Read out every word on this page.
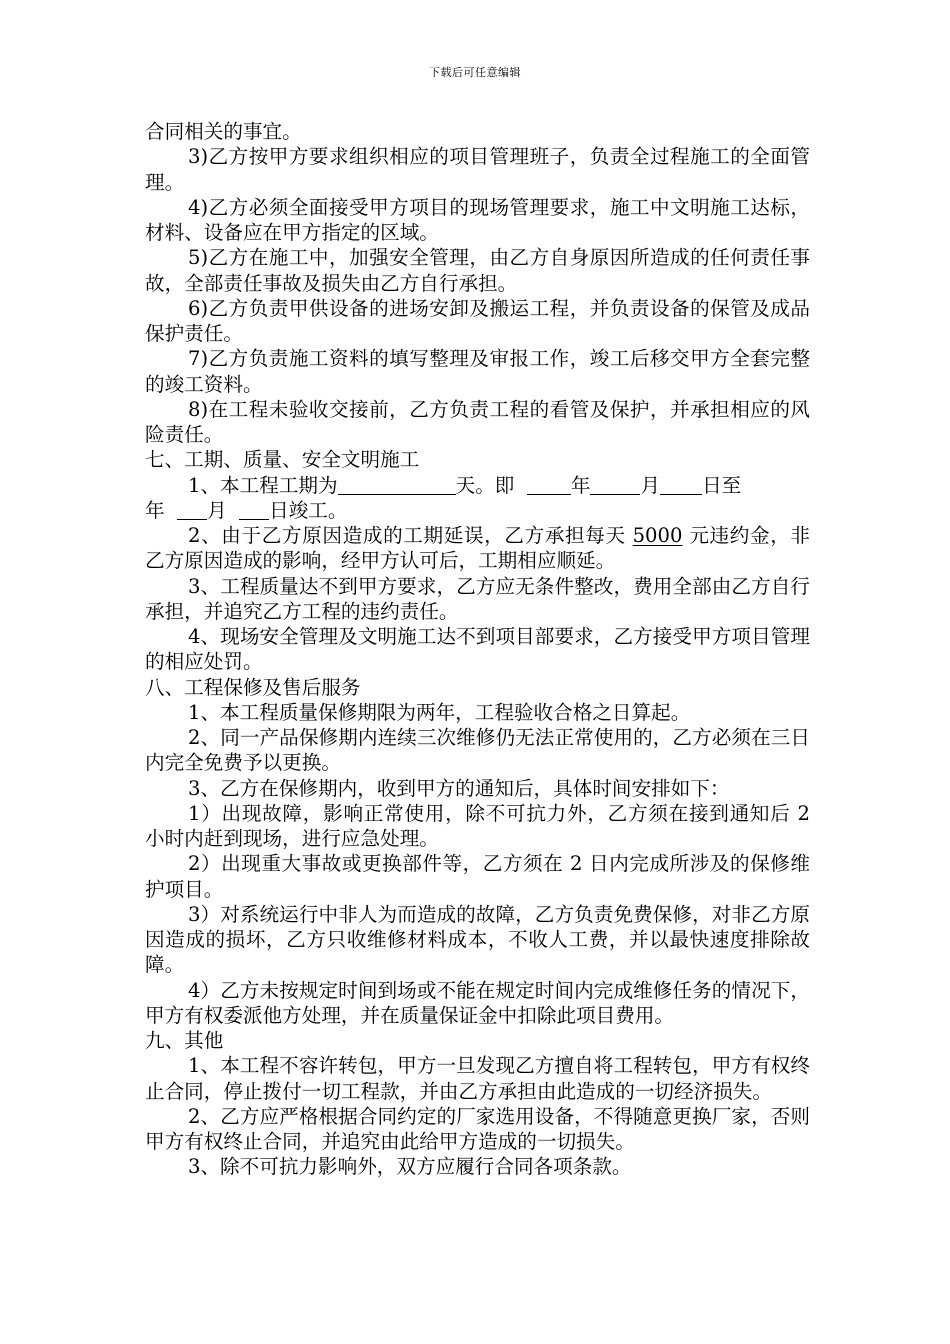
下载后可任意编辑

合同相关的事宜。

3)乙方按甲方要求组织相应的项目管理班子，负责全过程施工的全面管理。

4)乙方必须全面接受甲方项目的现场管理要求，施工中文明施工达标，材料、设备应在甲方指定的区域。

5)乙方在施工中，加强安全管理，由乙方自身原因所造成的任何责任事故，全部责任事故及损失由乙方自行承担。

6)乙方负责甲供设备的进场安卸及搬运工程，并负责设备的保管及成品保护责任。

7)乙方负责施工资料的填写整理及审报工作，竣工后移交甲方全套完整的竣工资料。

8)在工程未验收交接前，乙方负责工程的看管及保护，并承担相应的风险责任。

七、工期、质量、安全文明施工

1、本工程工期为	天。即	年	月 日至
年 月 日竣工。

2、由于乙方原因造成的工期延误，乙方承担每天 5000 元违约金，非乙方原因造成的影响，经甲方认可后，工期相应顺延。

3、工程质量达不到甲方要求，乙方应无条件整改，费用全部由乙方自行承担，并追究乙方工程的违约责任。

4、现场安全管理及文明施工达不到项目部要求，乙方接受甲方项目管理的相应处罚。

八、工程保修及售后服务

1、本工程质量保修期限为两年，工程验收合格之日算起。

2、同一产品保修期内连续三次维修仍无法正常使用的，乙方必须在三日内完全免费予以更换。

3、乙方在保修期内，收到甲方的通知后，具体时间安排如下：

1）出现故障，影响正常使用，除不可抗力外，乙方须在接到通知后 2 小时内赶到现场，进行应急处理。

2）出现重大事故或更换部件等，乙方须在 2 日内完成所涉及的保修维护项目。

3）对系统运行中非人为而造成的故障，乙方负责免费保修，对非乙方原因造成的损坏，乙方只收维修材料成本，不收人工费，并以最快速度排除故障。

4）乙方未按规定时间到场或不能在规定时间内完成维修任务的情况下，甲方有权委派他方处理，并在质量保证金中扣除此项目费用。

九、其他

1、本工程不容许转包，甲方一旦发现乙方擅自将工程转包，甲方有权终止合同，停止拨付一切工程款，并由乙方承担由此造成的一切经济损失。

2、乙方应严格根据合同约定的厂家选用设备，不得随意更换厂家，否则甲方有权终止合同，并追究由此给甲方造成的一切损失。

3、除不可抗力影响外，双方应履行合同各项条款。
